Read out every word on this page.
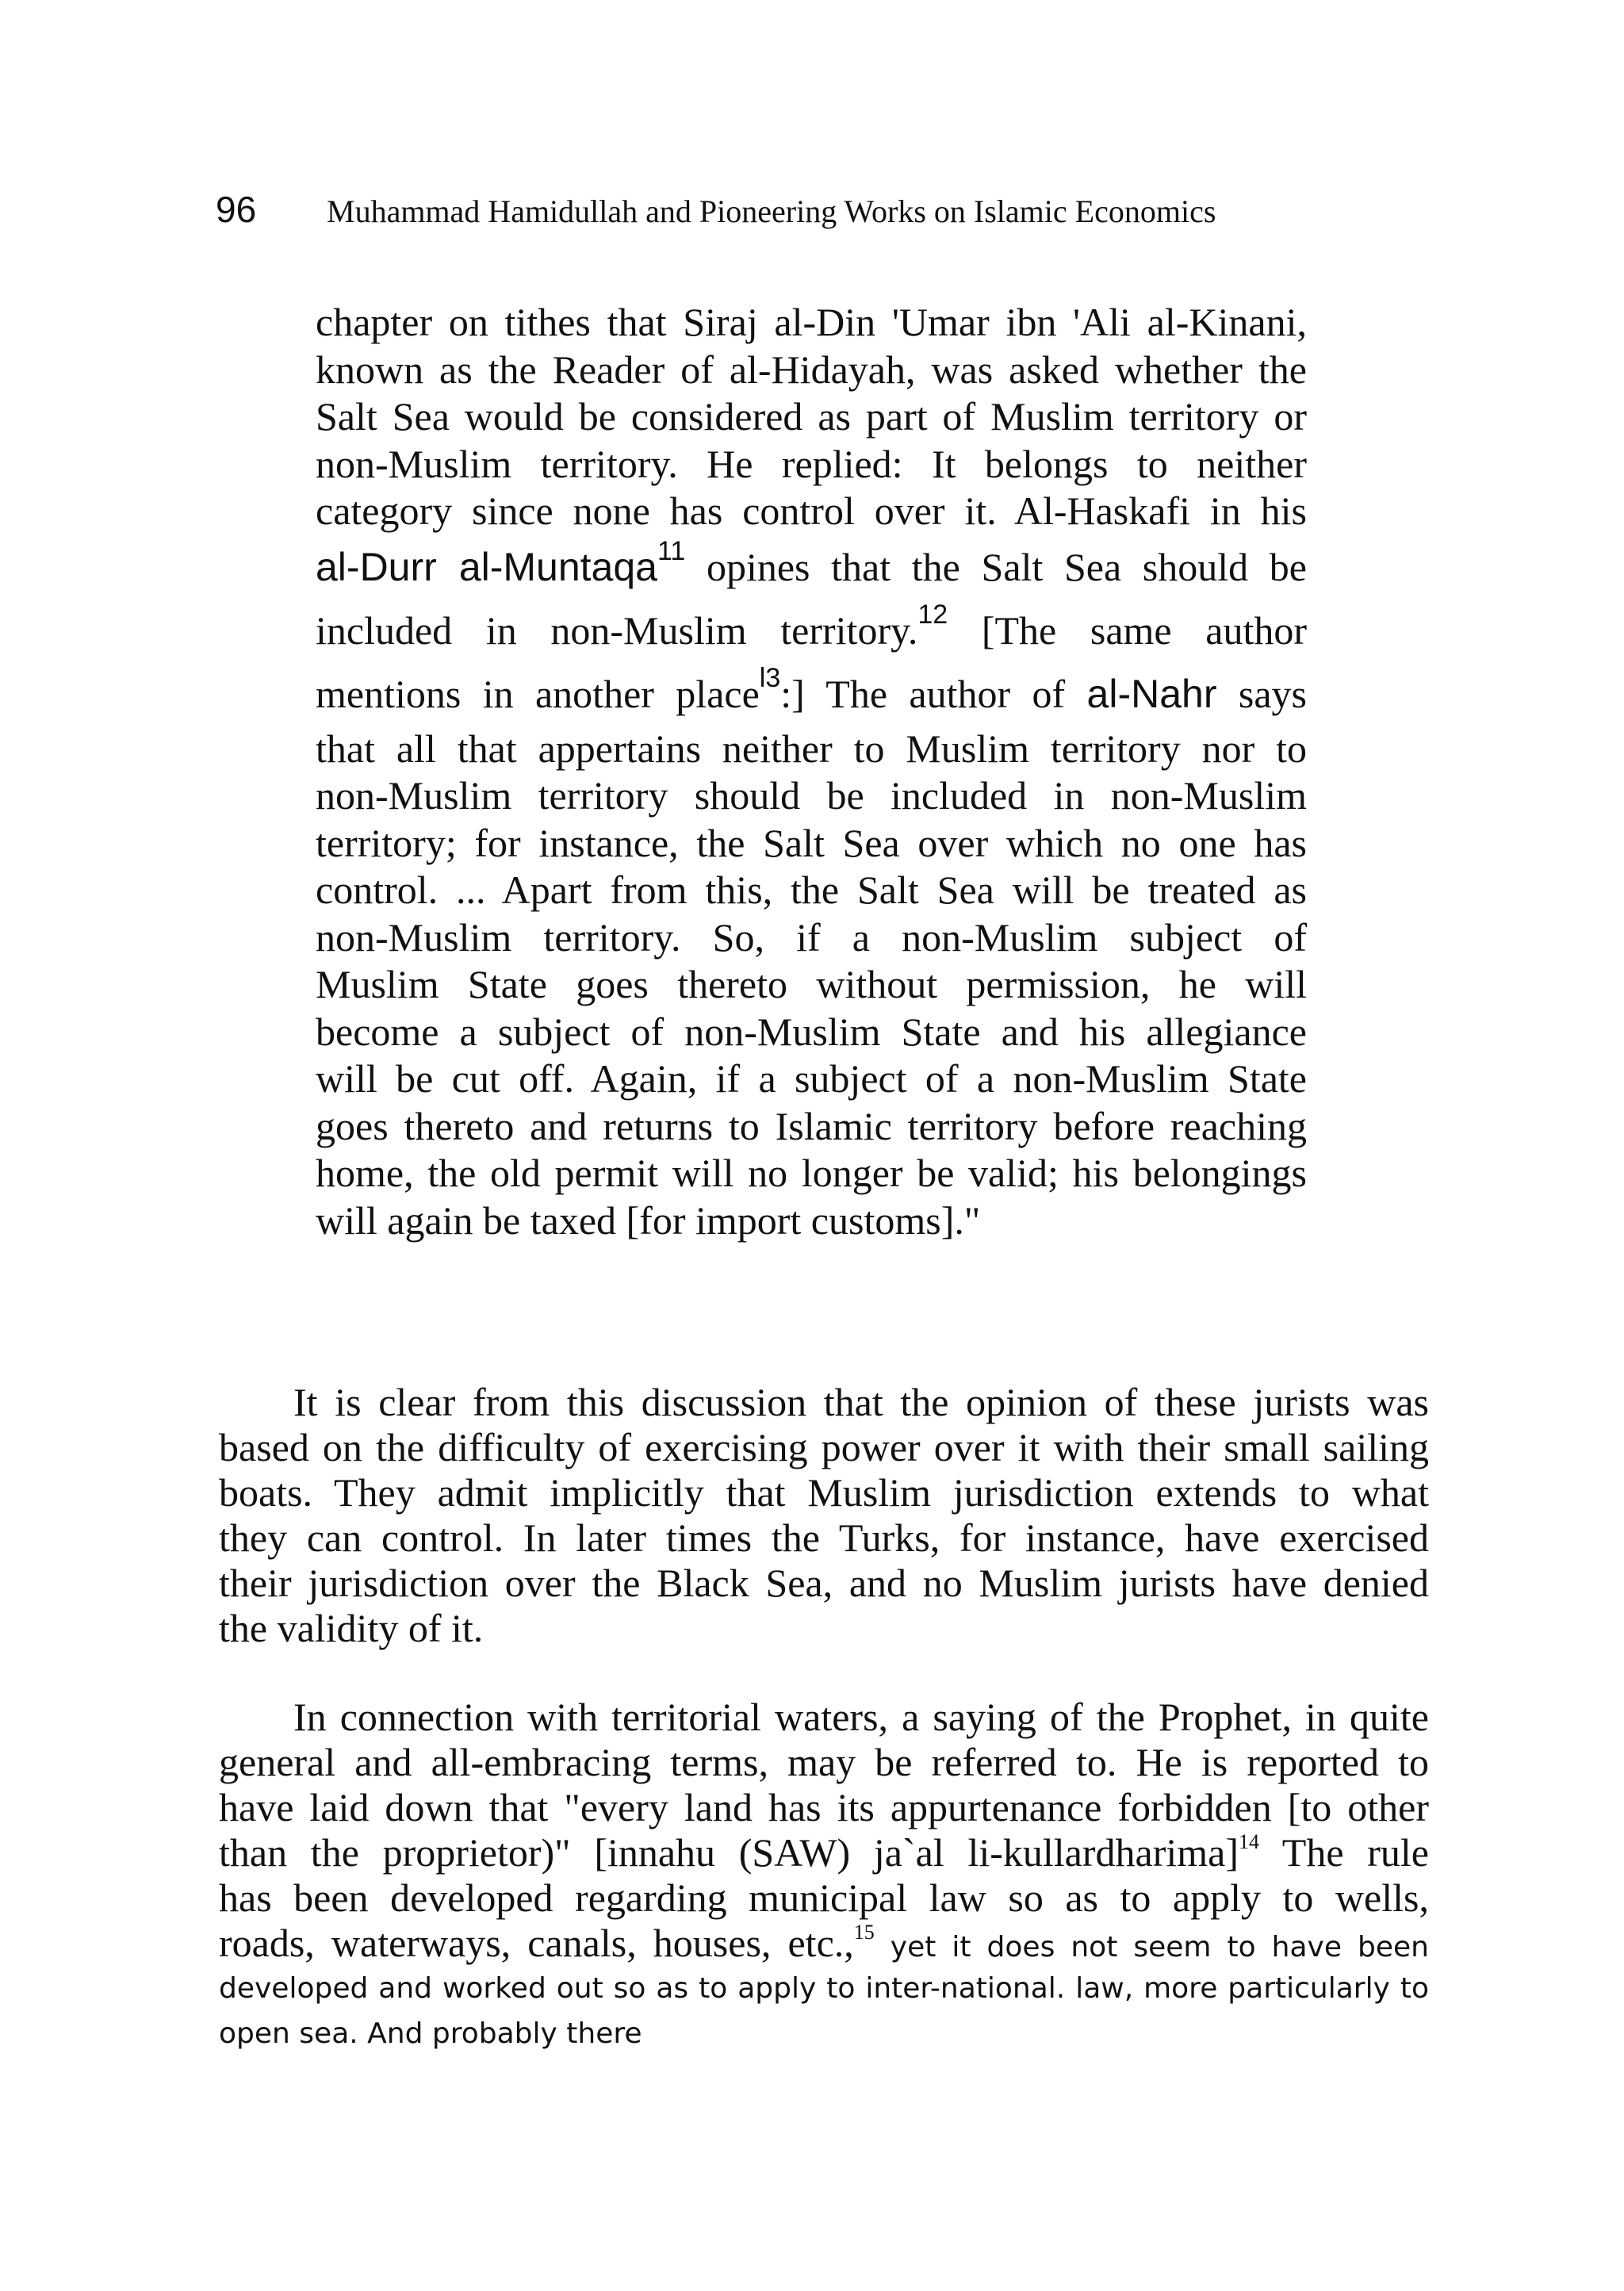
96 Muhammad Hamidullah and Pioneering Works on Islamic Economics
chapter on tithes that Siraj al-Din 'Umar ibn 'Ali al-Kinani,
known as the Reader of al-Hidayah, was asked whether the
Salt Sea would be considered as part of Muslim territory or
non-Muslim territory. He replied: It belongs to neither
category since none has control over it. Al-Haskafi in his
al-Durr al-Muntaqa$^{11}$ opines that the Salt Sea should be
included in non-Muslim territory.$^{12}$ [The same author
mentions in another place$^{l3}$:] The author of al-Nahr says
that all that appertains neither to Muslim territory nor to
non-Muslim territory should be included in non-Muslim
territory; for instance, the Salt Sea over which no one has
control. ... Apart from this, the Salt Sea will be treated as
non-Muslim territory. So, if a non-Muslim subject of
Muslim State goes thereto without permission, he will
become a subject of non-Muslim State and his allegiance
will be cut off. Again, if a subject of a non-Muslim State
goes thereto and returns to Islamic territory before reaching
home, the old permit will no longer be valid; his belongings
will again be taxed [for import customs]."
It is clear from this discussion that the opinion of these jurists was
based on the difficulty of exercising power over it with their small sailing
boats. They admit implicitly that Muslim jurisdiction extends to what
they can control. In later times the Turks, for instance, have exercised
their jurisdiction over the Black Sea, and no Muslim jurists have denied
the validity of it.
In connection with territorial waters, a saying of the Prophet, in quite
general and all-embracing terms, may be referred to. He is reported to
have laid down that "every land has its appurtenance forbidden [to other
than the proprietor)" [innahu (SAW) ja`al li-kullardharima]$^{14}$ The rule
has been developed regarding municipal law so as to apply to wells,
roads, waterways, canals, houses, etc.,$^{15}$ yet it does not seem to have been
developed and worked out so as to apply to inter-national. law, more particularly to
open sea. And probably there
